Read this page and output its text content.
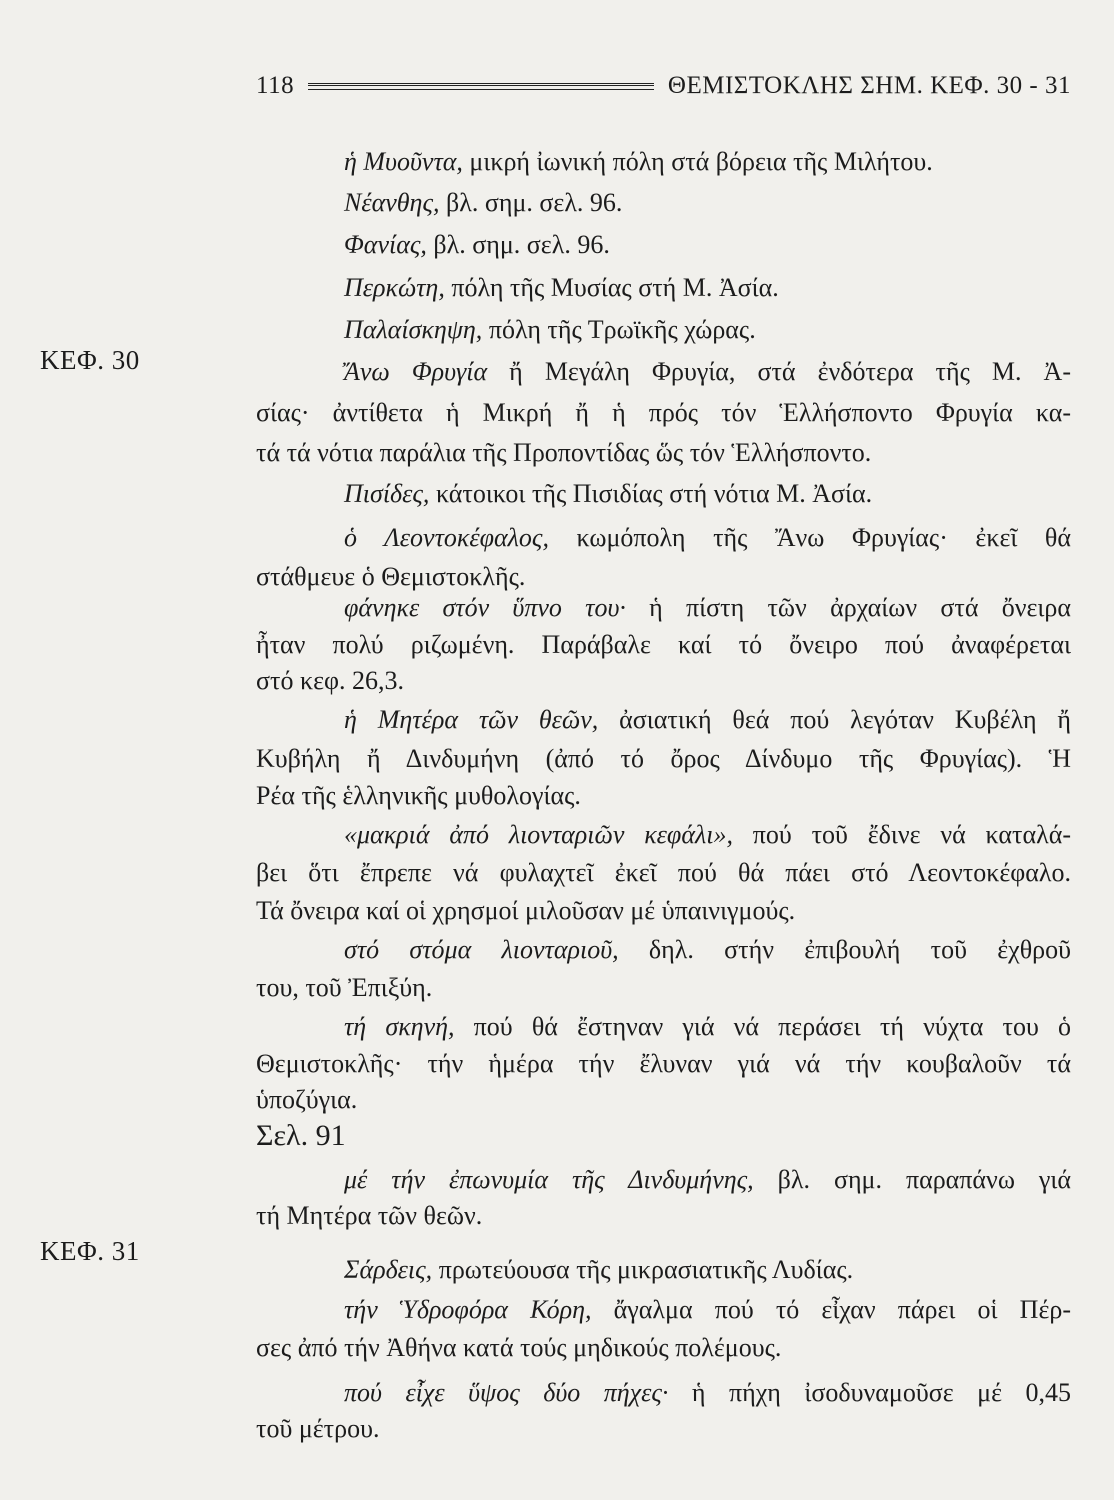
118	ΘΕΜΙΣΤΟΚΛΗΣ ΣΗΜ. ΚΕΦ. 30 - 31
ΚΕΦ. 30
ΚΕΦ. 31
ἡ Μυοῦντα, μικρή ἰωνική πόλη στά βόρεια τῆς Μιλήτου.
Νέανθης, βλ. σημ. σελ. 96.
Φανίας, βλ. σημ. σελ. 96.
Περκώτη, πόλη τῆς Μυσίας στή Μ. Ἀσία.
Παλαίσκηψη, πόλη τῆς Τρωϊκῆς χώρας.
Ἄνω Φρυγία ἤ Μεγάλη Φρυγία, στά ἐνδότερα τῆς Μ. Ἀ-
σίας· ἀντίθετα ἡ Μικρή ἤ ἡ πρός τόν Ἑλλήσποντο Φρυγία κα-
τά τά νότια παράλια τῆς Προποντίδας ὥς τόν Ἑλλήσποντο.
Πισίδες, κάτοικοι τῆς Πισιδίας στή νότια Μ. Ἀσία.
ὁ Λεοντοκέφαλος, κωμόπολη τῆς Ἄνω Φρυγίας· ἐκεῖ θά
στάθμευε ὁ Θεμιστοκλῆς.
φάνηκε στόν ὕπνο του· ἡ πίστη τῶν ἀρχαίων στά ὄνειρα
ἦταν πολύ ριζωμένη. Παράβαλε καί τό ὄνειρο πού ἀναφέρεται
στό κεφ. 26,3.
ἡ Μητέρα τῶν θεῶν, ἀσιατική θεά πού λεγόταν Κυβέλη ἤ
Κυβήλη ἤ Δινδυμήνη (ἀπό τό ὄρος Δίνδυμο τῆς Φρυγίας). Ἡ
Ρέα τῆς ἑλληνικῆς μυθολογίας.
«μακριά ἀπό λιονταριῶν κεφάλι», πού τοῦ ἔδινε νά καταλά-
βει ὅτι ἔπρεπε νά φυλαχτεῖ ἐκεῖ πού θά πάει στό Λεοντοκέφαλο.
Τά ὄνειρα καί οἱ χρησμοί μιλοῦσαν μέ ὑπαινιγμούς.
στό στόμα λιονταριοῦ, δηλ. στήν ἐπιβουλή τοῦ ἐχθροῦ
του, τοῦ Ἐπιξύη.
τή σκηνή, πού θά ἔστηναν γιά νά περάσει τή νύχτα του ὁ
Θεμιστοκλῆς· τήν ἡμέρα τήν ἔλυναν γιά νά τήν κουβαλοῦν τά
ὑποζύγια.
Σελ. 91
μέ τήν ἐπωνυμία τῆς Δινδυμήνης, βλ. σημ. παραπάνω γιά
τή Μητέρα τῶν θεῶν.
Σάρδεις, πρωτεύουσα τῆς μικρασιατικῆς Λυδίας.
τήν Ὑδροφόρα Κόρη, ἄγαλμα πού τό εἶχαν πάρει οἱ Πέρ-
σες ἀπό τήν Ἀθήνα κατά τούς μηδικούς πολέμους.
πού εἶχε ὕψος δύο πήχες· ἡ πήχη ἰσοδυναμοῦσε μέ 0,45
τοῦ μέτρου.
